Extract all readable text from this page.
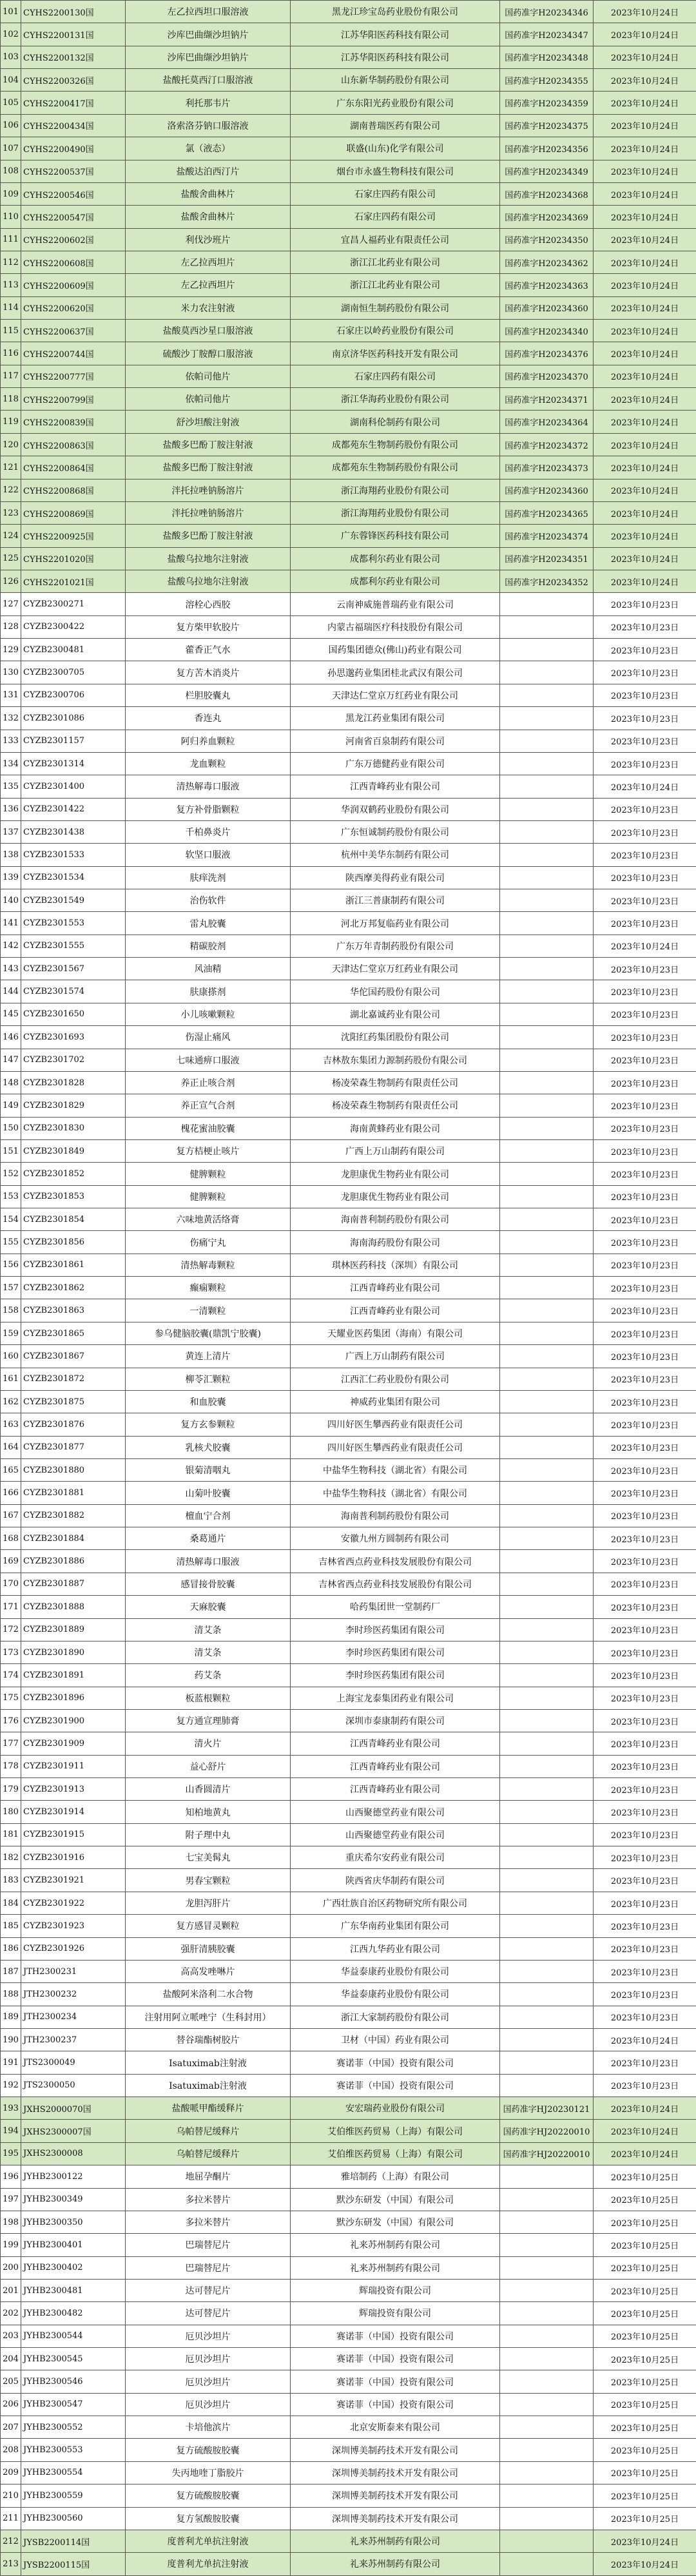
101	CYHS2200130国	左乙拉西坦口服溶液	黑龙江珍宝岛药业股份有限公司	国药准字H20234346	2023年10月24日
102	CYHS2200131国	沙库巴曲缬沙坦钠片	江苏华阳医药科技有限公司	国药准字H20234347	2023年10月24日
103	CYHS2200132国	沙库巴曲缬沙坦钠片	江苏华阳医药科技有限公司	国药准字H20234348	2023年10月24日
104	CYHS2200326国	盐酸托莫西汀口服溶液	山东新华制药股份有限公司	国药准字H20234355	2023年10月24日
105	CYHS2200417国	利托那韦片	广东东阳光药业股份有限公司	国药准字H20234359	2023年10月24日
106	CYHS2200434国	洛索洛芬钠口服溶液	湖南普瑞医药有限公司	国药准字H20234375	2023年10月24日
107	CYHS2200490国	氯（液态）	联盛(山东)化学有限公司	国药准字H20234356	2023年10月24日
108	CYHS2200537国	盐酸达泊西汀片	烟台市永盛生物科技有限公司	国药准字H20234349	2023年10月24日
109	CYHS2200546国	盐酸舍曲林片	石家庄四药有限公司	国药准字H20234368	2023年10月24日
110	CYHS2200547国	盐酸舍曲林片	石家庄四药有限公司	国药准字H20234369	2023年10月24日
111	CYHS2200602国	利伐沙班片	宜昌人福药业有限责任公司	国药准字H20234350	2023年10月24日
112	CYHS2200608国	左乙拉西坦片	浙江江北药业有限公司	国药准字H20234362	2023年10月24日
113	CYHS2200609国	左乙拉西坦片	浙江江北药业有限公司	国药准字H20234363	2023年10月24日
114	CYHS2200620国	米力农注射液	湖南恒生制药股份有限公司	国药准字H20234360	2023年10月24日
115	CYHS2200637国	盐酸莫西沙星口服溶液	石家庄以岭药业股份有限公司	国药准字H20234340	2023年10月24日
116	CYHS2200744国	硫酸沙丁胺醇口服溶液	南京济华医药科技开发有限公司	国药准字H20234376	2023年10月24日
117	CYHS2200777国	依帕司他片	石家庄四药有限公司	国药准字H20234370	2023年10月24日
118	CYHS2200799国	依帕司他片	浙江华海药业股份有限公司	国药准字H20234371	2023年10月24日
119	CYHS2200839国	舒沙坦酸注射液	湖南科伦制药有限公司	国药准字H20234364	2023年10月24日
120	CYHS2200863国	盐酸多巴酚丁胺注射液	成都苑东生物制药股份有限公司	国药准字H20234372	2023年10月24日
121	CYHS2200864国	盐酸多巴酚丁胺注射液	成都苑东生物制药股份有限公司	国药准字H20234373	2023年10月24日
122	CYHS2200868国	泮托拉唑钠肠溶片	浙江海翔药业股份有限公司	国药准字H20234360	2023年10月24日
123	CYHS2200869国	泮托拉唑钠肠溶片	浙江海翔药业股份有限公司	国药准字H20234365	2023年10月24日
124	CYHS2200925国	盐酸多巴酚丁胺注射液	广东蓉锋医药科技有限公司	国药准字H20234374	2023年10月24日
125	CYHS2201020国	盐酸乌拉地尔注射液	成都利尔药业有限公司	国药准字H20234351	2023年10月24日
126	CYHS2201021国	盐酸乌拉地尔注射液	成都利尔药业有限公司	国药准字H20234352	2023年10月24日
127	CYZB2300271	溶栓心西胶	云南神威施普瑞药业有限公司		2023年10月23日
128	CYZB2300422	复方柴甲软胶片	内蒙古福瑞医疗科技股份有限公司		2023年10月23日
129	CYZB2300481	藿香正气水	国药集团德众(佛山)药业有限公司		2023年10月23日
130	CYZB2300705	复方苦木消炎片	孙思邈药业集团桂北武汉有限公司		2023年10月23日
131	CYZB2300706	栏胆胶囊丸	天津达仁堂京万红药业有限公司		2023年10月23日
132	CYZB2301086	香连丸	黑龙江药业集团有限公司		2023年10月23日
133	CYZB2301157	阿归养血颗粒	河南省百泉制药有限公司		2023年10月23日
134	CYZB2301314	龙血颗粒	广东万德健药业有限公司		2023年10月23日
135	CYZB2301400	清热解毒口服液	江西青峰药业有限公司		2023年10月24日
136	CYZB2301422	复方补骨脂颗粒	华润双鹤药业股份有限公司		2023年10月23日
137	CYZB2301438	千柏鼻炎片	广东恒诚制药股份有限公司		2023年10月23日
138	CYZB2301533	软坚口服液	杭州中美华东制药有限公司		2023年10月23日
139	CYZB2301534	肤痒洗剂	陕西摩美得药业有限公司		2023年10月23日
140	CYZB2301549	治伤软件	浙江三普康制药有限公司		2023年10月23日
141	CYZB2301553	雷丸胶囊	河北万邦复临药业有限公司		2023年10月23日
142	CYZB2301555	精碳胶剂	广东万年青制药股份有限公司		2023年10月24日
143	CYZB2301567	风油精	天津达仁堂京万红药业有限公司		2023年10月23日
144	CYZB2301574	肤康搽剂	华佗国药股份有限公司		2023年10月23日
145	CYZB2301650	小儿咳嗽颗粒	湖北嘉诚药业有限公司		2023年10月23日
146	CYZB2301693	伤湿止痛风	沈阳红药集团股份有限公司		2023年10月23日
147	CYZB2301702	七味通痹口服液	吉林敖东集团力源制药股份有限公司		2023年10月23日
148	CYZB2301828	养正止咳合剂	杨凌荣森生物制药有限责任公司		2023年10月23日
149	CYZB2301829	养正宣气合剂	杨凌荣森生物制药有限责任公司		2023年10月23日
150	CYZB2301830	槐花蜜油胶囊	海南黄蜂药业有限公司		2023年10月23日
151	CYZB2301849	复方桔梗止咳片	广西上万山制药有限公司		2023年10月23日
152	CYZB2301852	健脾颗粒	龙胆康优生物药业有限公司		2023年10月23日
153	CYZB2301853	健脾颗粒	龙胆康优生物药业有限公司		2023年10月23日
154	CYZB2301854	六味地黄活络膏	海南普利制药股份有限公司		2023年10月23日
155	CYZB2301856	伤痛宁丸	海南海药股份有限公司		2023年10月23日
156	CYZB2301861	清热解毒颗粒	琪林医药科技（深圳）有限公司		2023年10月23日
157	CYZB2301862	癫痫颗粒	江西青峰药业有限公司		2023年10月23日
158	CYZB2301863	一清颗粒	江西青峰药业有限公司		2023年10月23日
159	CYZB2301865	参乌健脑胶囊(鼎凯宁胶囊)	天耀业医药集团（海南）有限公司		2023年10月23日
160	CYZB2301867	黄连上清片	广西上万山制药有限公司		2023年10月23日
161	CYZB2301872	柳苓汇颗粒	江西汇仁药业股份有限公司		2023年10月23日
162	CYZB2301875	和血胶囊	神威药业集团有限公司		2023年10月23日
163	CYZB2301876	复方玄参颗粒	四川好医生攀西药业有限责任公司		2023年10月23日
164	CYZB2301877	乳核犬胶囊	四川好医生攀西药业有限责任公司		2023年10月23日
165	CYZB2301880	银菊清咽丸	中盐华生物科技（湖北省）有限公司		2023年10月23日
166	CYZB2301881	山菊叶胶囊	中盐华生物科技（湖北省）有限公司		2023年10月23日
167	CYZB2301882	檀血宁合剂	海南普利制药股份有限公司		2023年10月23日
168	CYZB2301884	桑葛通片	安徽九州方圆制药有限公司		2023年10月23日
169	CYZB2301886	清热解毒口服液	吉林省西点药业科技发展股份有限公司		2023年10月23日
170	CYZB2301887	感冒接骨胶囊	吉林省西点药业科技发展股份有限公司		2023年10月23日
171	CYZB2301888	天麻胶囊	哈药集团世一堂制药厂		2023年10月23日
172	CYZB2301889	清艾条	李时珍医药集团有限公司		2023年10月23日
173	CYZB2301890	清艾条	李时珍医药集团有限公司		2023年10月23日
174	CYZB2301891	药艾条	李时珍医药集团有限公司		2023年10月23日
175	CYZB2301896	板蓝根颗粒	上海宝龙泰集团药业有限公司		2023年10月23日
176	CYZB2301900	复方通宣理肺膏	深圳市泰康制药有限公司		2023年10月23日
177	CYZB2301909	清火片	江西青峰药业有限公司		2023年10月23日
178	CYZB2301911	益心舒片	江西青峰药业有限公司		2023年10月23日
179	CYZB2301913	山香圆清片	江西青峰药业有限公司		2023年10月23日
180	CYZB2301914	知柏地黄丸	山西聚德堂药业有限公司		2023年10月23日
181	CYZB2301915	附子理中丸	山西聚德堂药业有限公司		2023年10月23日
182	CYZB2301916	七宝美髯丸	重庆希尔安药业有限公司		2023年10月23日
183	CYZB2301921	男春宝颗粒	陕西省庆华制药有限公司		2023年10月23日
184	CYZB2301922	龙胆泻肝片	广西壮族自治区药物研究所有限公司		2023年10月23日
185	CYZB2301923	复方感冒灵颗粒	广东华南药业集团有限公司		2023年10月23日
186	CYZB2301926	强肝清胰胶囊	江西九华药业有限公司		2023年10月23日
187	JTH2300231	高高发唑啉片	华益泰康药业股份有限公司		2023年10月23日
188	JTH2300232	盐酸阿米洛利二水合物	华益泰康药业股份有限公司		2023年10月23日
189	JTH2300234	注射用阿立哌唑宁（生科封用）	浙江大家制药股份有限公司		2023年10月23日
190	JTH2300237	替谷瑞酯树胶片	卫材（中国）药业有限公司		2023年10月24日
191	JTS2300049	Isatuximab注射液	赛诺菲（中国）投资有限公司		2023年10月23日
192	JTS2300050	Isatuximab注射液	赛诺菲（中国）投资有限公司		2023年10月23日
193	JXHS2000070国	盐酸哌甲酯缓释片	安宏瑞药业股份有限公司	国药准字HJ20230121	2023年10月24日
194	JXHS2300007国	乌帕替尼缓释片	艾伯维医药贸易（上海）有限公司	国药准字HJ20220010	2023年10月24日
195	JXHS2300008	乌帕替尼缓释片	艾伯维医药贸易（上海）有限公司	国药准字HJ20220010	2023年10月24日
196	JYHB2300122	地屈孕酮片	雅培制药（上海）有限公司		2023年10月25日
197	JYHB2300349	多拉米替片	默沙东研发（中国）有限公司		2023年10月25日
198	JYHB2300350	多拉米替片	默沙东研发（中国）有限公司		2023年10月25日
199	JYHB2300401	巴瑞替尼片	礼来苏州制药有限公司		2023年10月25日
200	JYHB2300402	巴瑞替尼片	礼来苏州制药有限公司		2023年10月25日
201	JYHB2300481	达可替尼片	辉瑞投资有限公司		2023年10月25日
202	JYHB2300482	达可替尼片	辉瑞投资有限公司		2023年10月25日
203	JYHB2300544	厄贝沙坦片	赛诺菲（中国）投资有限公司		2023年10月25日
204	JYHB2300545	厄贝沙坦片	赛诺菲（中国）投资有限公司		2023年10月25日
205	JYHB2300546	厄贝沙坦片	赛诺菲（中国）投资有限公司		2023年10月25日
206	JYHB2300547	厄贝沙坦片	赛诺菲（中国）投资有限公司		2023年10月25日
207	JYHB2300552	卡培他滨片	北京安斯泰来有限公司		2023年10月25日
208	JYHB2300553	复方硫酸胺胶囊	深圳博美制药技术开发有限公司		2023年10月25日
209	JYHB2300554	失丙地喹丁脂胶片	深圳博美制药技术开发有限公司		2023年10月25日
210	JYHB2300559	复方硫酸胺胶囊	深圳博美制药技术开发有限公司		2023年10月25日
211	JYHB2300560	复方氢酸胺胶囊	深圳博美制药技术开发有限公司		2023年10月25日
212	JYSB2200114国	度普利尤单抗注射液	礼来苏州制药有限公司		2023年10月24日
213	JYSB2200115国	度普利尤单抗注射液	礼来苏州制药有限公司		2023年10月24日
